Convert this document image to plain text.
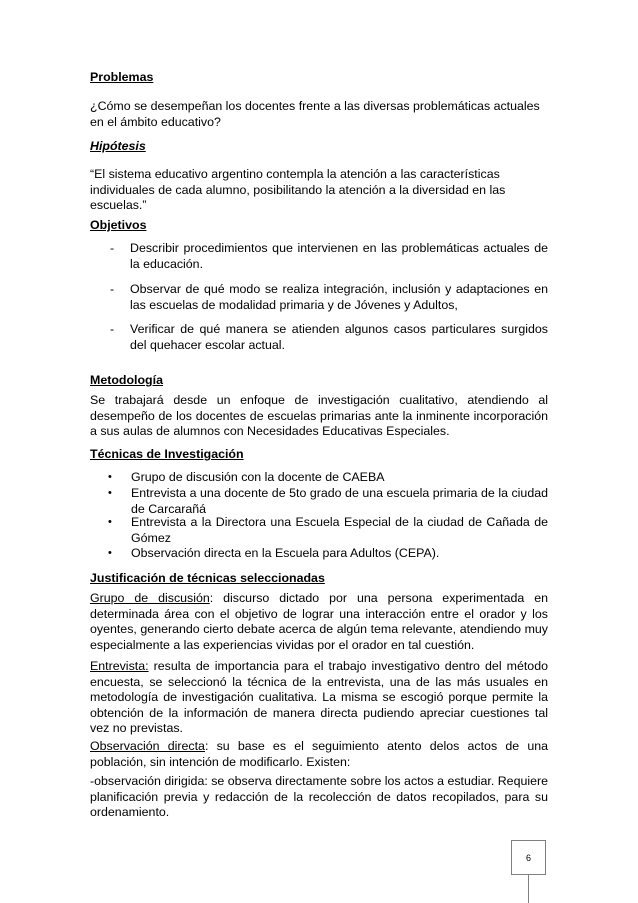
Problemas
¿Cómo se desempeñan los docentes frente a las diversas problemáticas actuales en el ámbito educativo?
Hipótesis
“El sistema educativo argentino contempla la atención a las características individuales de cada alumno, posibilitando la atención a la diversidad en las escuelas.”
Objetivos
- Describir procedimientos que intervienen en las problemáticas actuales de la educación.
- Observar de qué modo se realiza integración, inclusión y adaptaciones en las escuelas de modalidad primaria y de Jóvenes y Adultos,
- Verificar de qué manera se atienden algunos casos particulares surgidos del quehacer escolar actual.
Metodología
Se trabajará desde un enfoque de investigación cualitativo, atendiendo al desempeño de los docentes de escuelas primarias ante la inminente incorporación a sus aulas de alumnos con Necesidades Educativas Especiales.
Técnicas de Investigación
• Grupo de discusión con la docente de CAEBA
• Entrevista a una docente de 5to grado de una escuela primaria de la ciudad de Carcarañá
• Entrevista a la Directora una Escuela Especial de la ciudad de Cañada de Gómez
• Observación directa en la Escuela para Adultos (CEPA).
Justificación de técnicas seleccionadas
Grupo de discusión: discurso dictado por una persona experimentada en determinada área con el objetivo de lograr una interacción entre el orador y los oyentes, generando cierto debate acerca de algún tema relevante, atendiendo muy especialmente a las experiencias vividas por el orador en tal cuestión.
Entrevista: resulta de importancia para el trabajo investigativo dentro del método encuesta, se seleccionó la técnica de la entrevista, una de las más usuales en metodología de investigación cualitativa. La misma se escogió porque permite la obtención de la información de manera directa pudiendo apreciar cuestiones tal vez no previstas.
Observación directa: su base es el seguimiento atento delos actos de una población, sin intención de modificarlo. Existen:
-observación dirigida: se observa directamente sobre los actos a estudiar. Requiere planificación previa y redacción de la recolección de datos recopilados, para su ordenamiento.
6
